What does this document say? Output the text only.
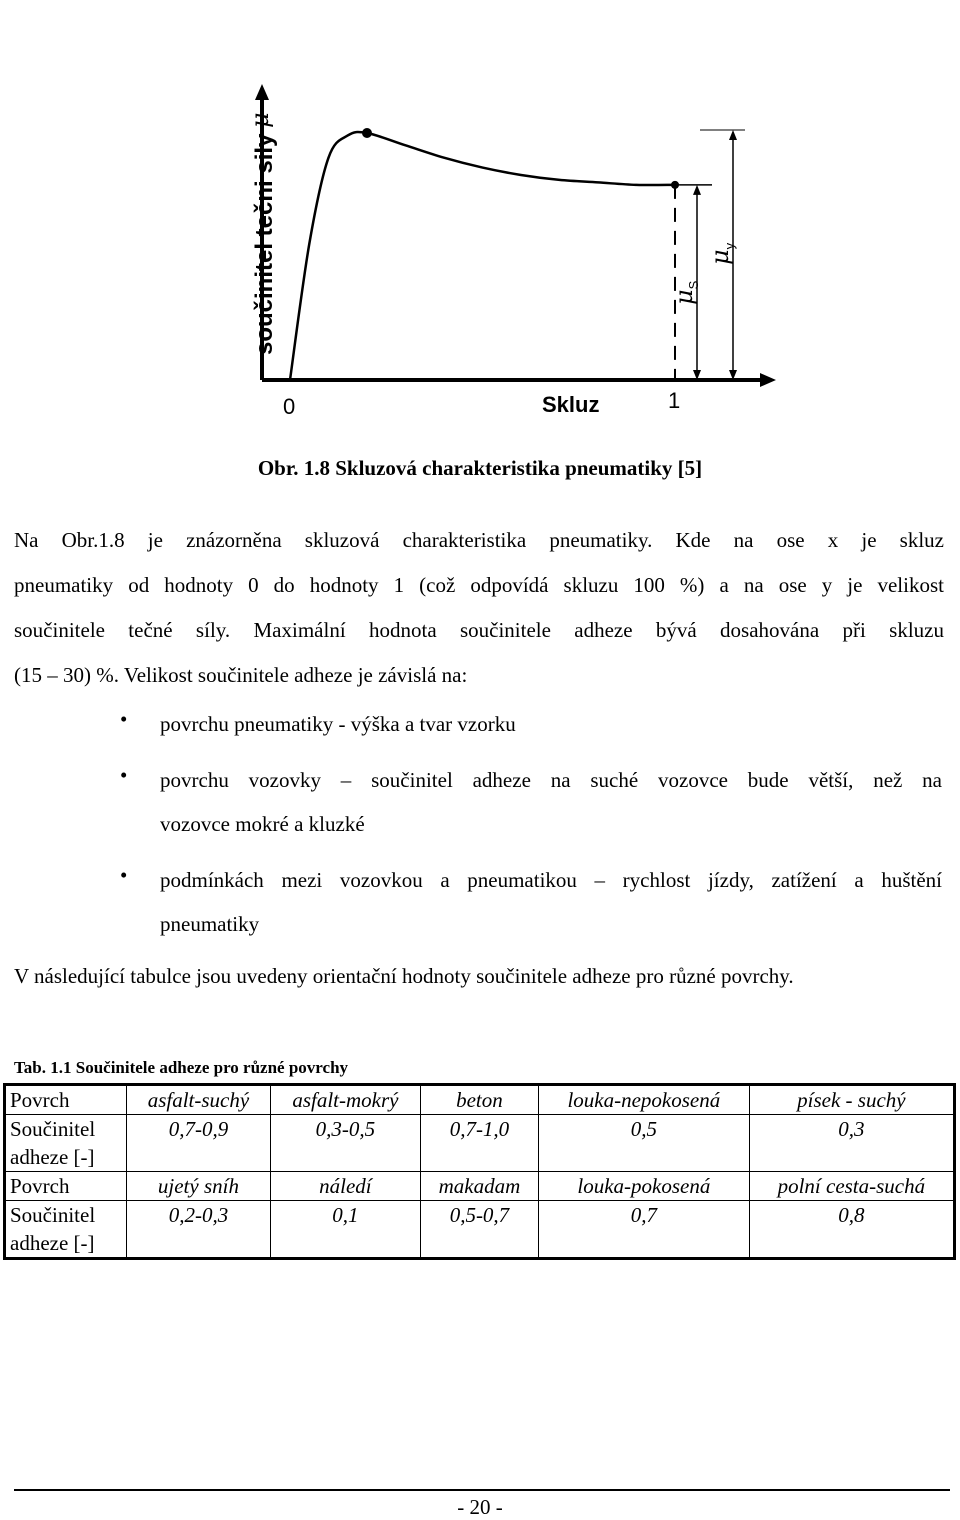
součinitel tečni sily
μ
0	1
Skluz
$\mu_S$
$\mu_y$
Obr. 1.8 Skluzová charakteristika pneumatiky [5]
Na Obr.1.8 je znázorněna skluzová charakteristika pneumatiky. Kde na ose x je skluz
pneumatiky od hodnoty 0 do hodnoty 1 (což odpovídá skluzu 100 %) a na ose y je velikost
součinitele tečné síly. Maximální hodnota součinitele adheze bývá dosahována při skluzu
(15 – 30) %. Velikost součinitele adheze je závislá na:
• povrchu pneumatiky - výška a tvar vzorku
• povrchu vozovky – součinitel adheze na suché vozovce bude větší, než na
vozovce mokré a kluzké
• podmínkách mezi vozovkou a pneumatikou – rychlost jízdy, zatížení a huštění
pneumatiky
V následující tabulce jsou uvedeny orientační hodnoty součinitele adheze pro různé povrchy.
Tab. 1.1 Součinitele adheze pro různé povrchy
Povrch	asfalt-suchý	asfalt-mokrý	beton	louka-nepokosená	písek - suchý
Součinitel adheze [-]	0,7-0,9	0,3-0,5	0,7-1,0	0,5	0,3
Povrch	ujetý sníh	náledí	makadam	louka-pokosená	polní cesta-suchá
Součinitel adheze [-]	0,2-0,3	0,1	0,5-0,7	0,7	0,8
- 20 -
